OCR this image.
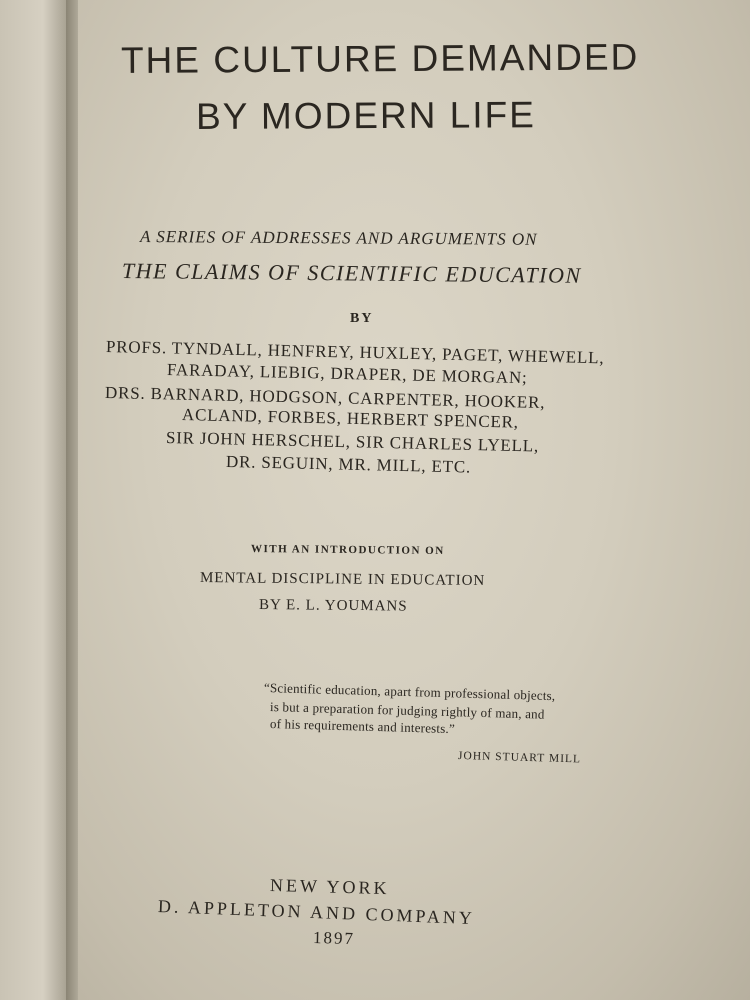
THE CULTURE DEMANDED

BY MODERN LIFE

A SERIES OF ADDRESSES AND ARGUMENTS ON

THE CLAIMS OF SCIENTIFIC EDUCATION

BY

PROFS. TYNDALL, HENFREY, HUXLEY, PAGET, WHEWELL,

FARADAY, LIEBIG, DRAPER, DE MORGAN;

DRS. BARNARD, HODGSON, CARPENTER, HOOKER,

ACLAND, FORBES, HERBERT SPENCER,

SIR JOHN HERSCHEL, SIR CHARLES LYELL,

DR. SEGUIN, MR. MILL, ETC.

WITH AN INTRODUCTION ON

MENTAL DISCIPLINE IN EDUCATION

BY E. L. YOUMANS

“Scientific education, apart from professional objects,

is but a preparation for judging rightly of man, and

of his requirements and interests.”

JOHN STUART MILL

NEW YORK

D. APPLETON AND COMPANY

1897
